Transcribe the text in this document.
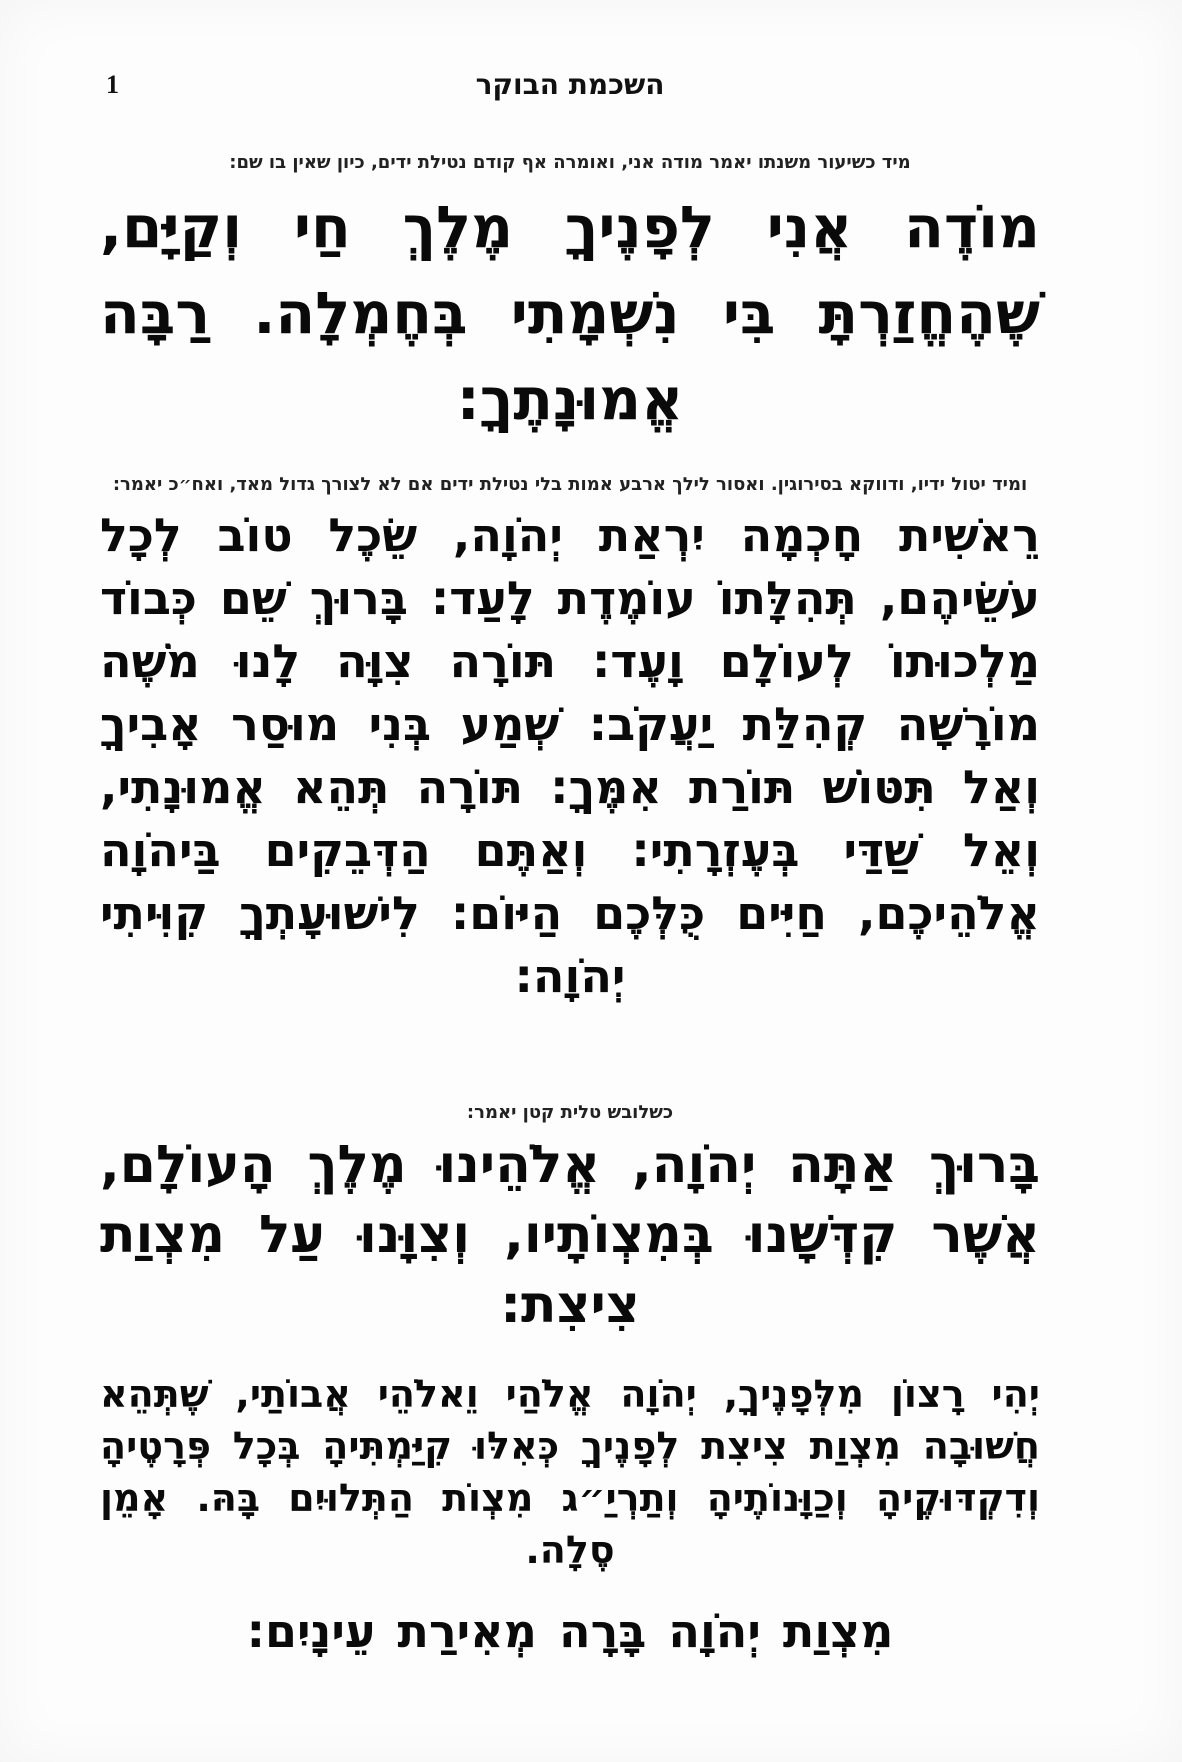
1	השכמת הבוקר
מיד כשיעור משנתו יאמר מודה אני, ואומרה אף קודם נטילת ידים, כיון שאין בו שם:
מוֹדֶה אֲנִי לְפָנֶיךָ מֶלֶךְ חַי וְקַיָּם, שֶׁהֶחֱזַרְתָּ בִּי נִשְׁמָתִי בְּחֶמְלָה. רַבָּה אֱמוּנָתֶךָ:
ומיד יטול ידיו, ודווקא בסירוגין. ואסור לילך ארבע אמות בלי נטילת ידים אם לא לצורך גדול מאד, ואח״כ יאמר:
רֵאשִׁית חָכְמָה יִרְאַת יְהֹוָה, שֵׂכֶל טוֹב לְכָל עֹשֵׂיהֶם, תְּהִלָּתוֹ עוֹמֶדֶת לָעַד: בָּרוּךְ שֵׁם כְּבוֹד מַלְכוּתוֹ לְעוֹלָם וָעֶד: תּוֹרָה צִוָּה לָנוּ מֹשֶׁה מוֹרָשָׁה קְהִלַּת יַעֲקֹב: שְׁמַע בְּנִי מוּסַר אָבִיךָ וְאַל תִּטּוֹשׁ תּוֹרַת אִמֶּךָ: תּוֹרָה תְּהֵא אֱמוּנָתִי, וְאֵל שַׁדַּי בְּעֶזְרָתִי: וְאַתֶּם הַדְּבֵקִים בַּיהֹוָה אֱלֹהֵיכֶם, חַיִּים כֻּלְּכֶם הַיּוֹם: לִישׁוּעָתְךָ קִוִּיתִי יְהֹוָה:
כשלובש טלית קטן יאמר:
בָּרוּךְ אַתָּה יְהֹוָה, אֱלֹהֵינוּ מֶלֶךְ הָעוֹלָם, אֲשֶׁר קִדְּשָׁנוּ בְּמִצְוֹתָיו, וְצִוָּנוּ עַל מִצְוַת צִיצִת:
יְהִי רָצוֹן מִלְּפָנֶיךָ, יְהֹוָה אֱלֹהַי וֵאלֹהֵי אֲבוֹתַי, שֶׁתְּהֵא חֲשׁוּבָה מִצְוַת צִיצִת לְפָנֶיךָ כְּאִלּוּ קִיַּמְתִּיהָ בְּכָל פְּרָטֶיהָ וְדִקְדּוּקֶיהָ וְכַוָּנוֹתֶיהָ וְתַרְיַ״ג מִצְוֹת הַתְּלוּיִם בָּהּ. אָמֵן סֶלָה.
מִצְוַת יְהֹוָה בָּרָה מְאִירַת עֵינָיִם:
